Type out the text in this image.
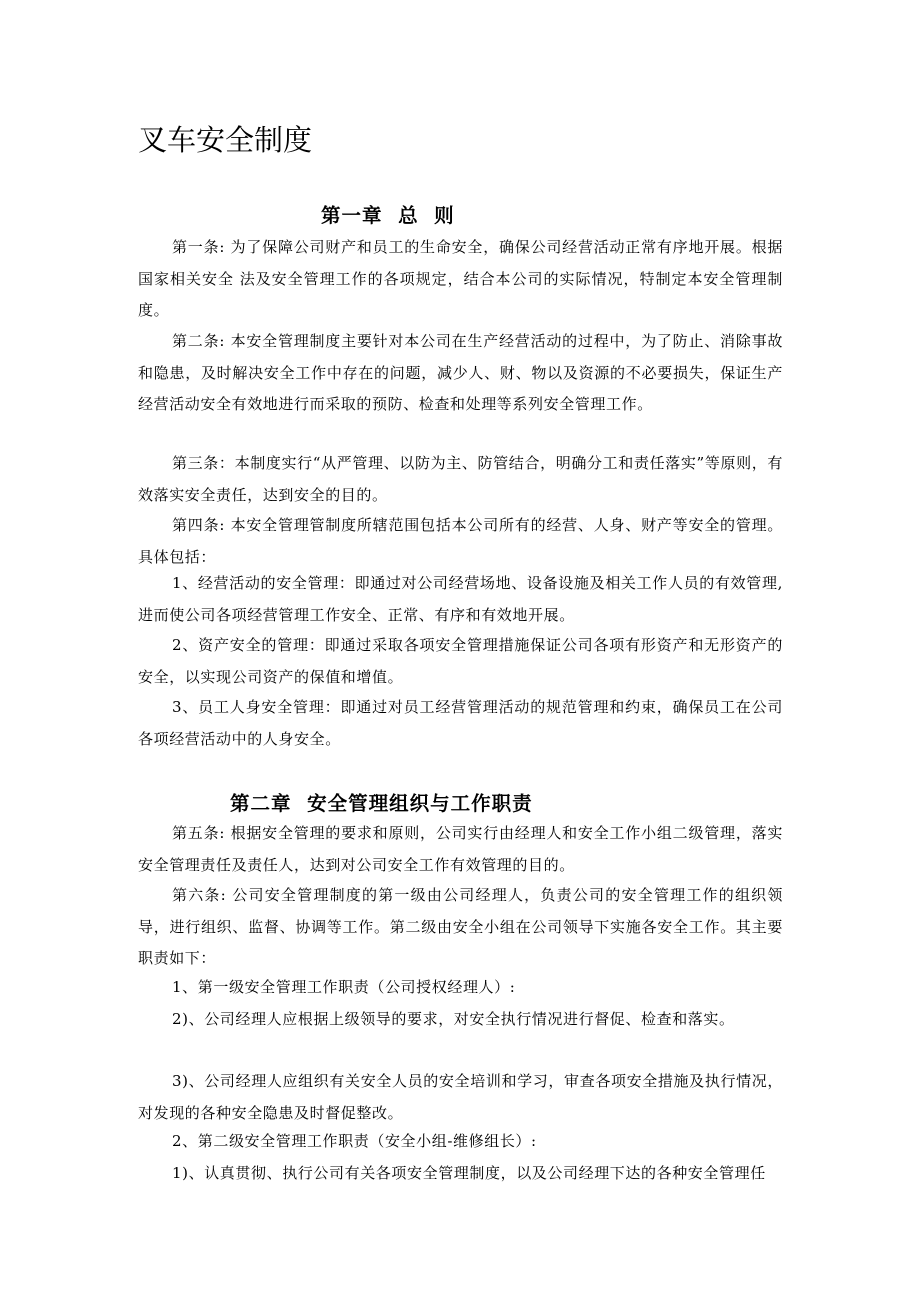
叉车安全制度
第一章  总  则

第一条: 为了保障公司财产和员工的生命安全，确保公司经营活动正常有序地开展。根据国家相关安全 法及安全管理工作的各项规定，结合本公司的实际情况，特制定本安全管理制度。

第二条: 本安全管理制度主要针对本公司在生产经营活动的过程中，为了防止、消除事故和隐患，及时解决安全工作中存在的问题，减少人、财、物以及资源的不必要损失，保证生产经营活动安全有效地进行而采取的预防、检查和处理等系列安全管理工作。

第三条：本制度实行“从严管理、以防为主、防管结合，明确分工和责任落实”等原则，有效落实安全责任，达到安全的目的。

第四条: 本安全管理管制度所辖范围包括本公司所有的经营、人身、财产等安全的管理。具体包括：

1、经营活动的安全管理：即通过对公司经营场地、设备设施及相关工作人员的有效管理,进而使公司各项经营管理工作安全、正常、有序和有效地开展。

2、资产安全的管理：即通过采取各项安全管理措施保证公司各项有形资产和无形资产的安全，以实现公司资产的保值和增值。

3、员工人身安全管理：即通过对员工经营管理活动的规范管理和约束，确保员工在公司各项经营活动中的人身安全。

第二章  安全管理组织与工作职责

第五条: 根据安全管理的要求和原则，公司实行由经理人和安全工作小组二级管理，落实安全管理责任及责任人，达到对公司安全工作有效管理的目的。

第六条: 公司安全管理制度的第一级由公司经理人，负责公司的安全管理工作的组织领导，进行组织、监督、协调等工作。第二级由安全小组在公司领导下实施各安全工作。其主要职责如下：

1、第一级安全管理工作职责（公司授权经理人）:

2)、公司经理人应根据上级领导的要求，对安全执行情况进行督促、检查和落实。

3)、公司经理人应组织有关安全人员的安全培训和学习，审查各项安全措施及执行情况，对发现的各种安全隐患及时督促整改。

2、第二级安全管理工作职责（安全小组-维修组长）:

1)、认真贯彻、执行公司有关各项安全管理制度，以及公司经理下达的各种安全管理任
